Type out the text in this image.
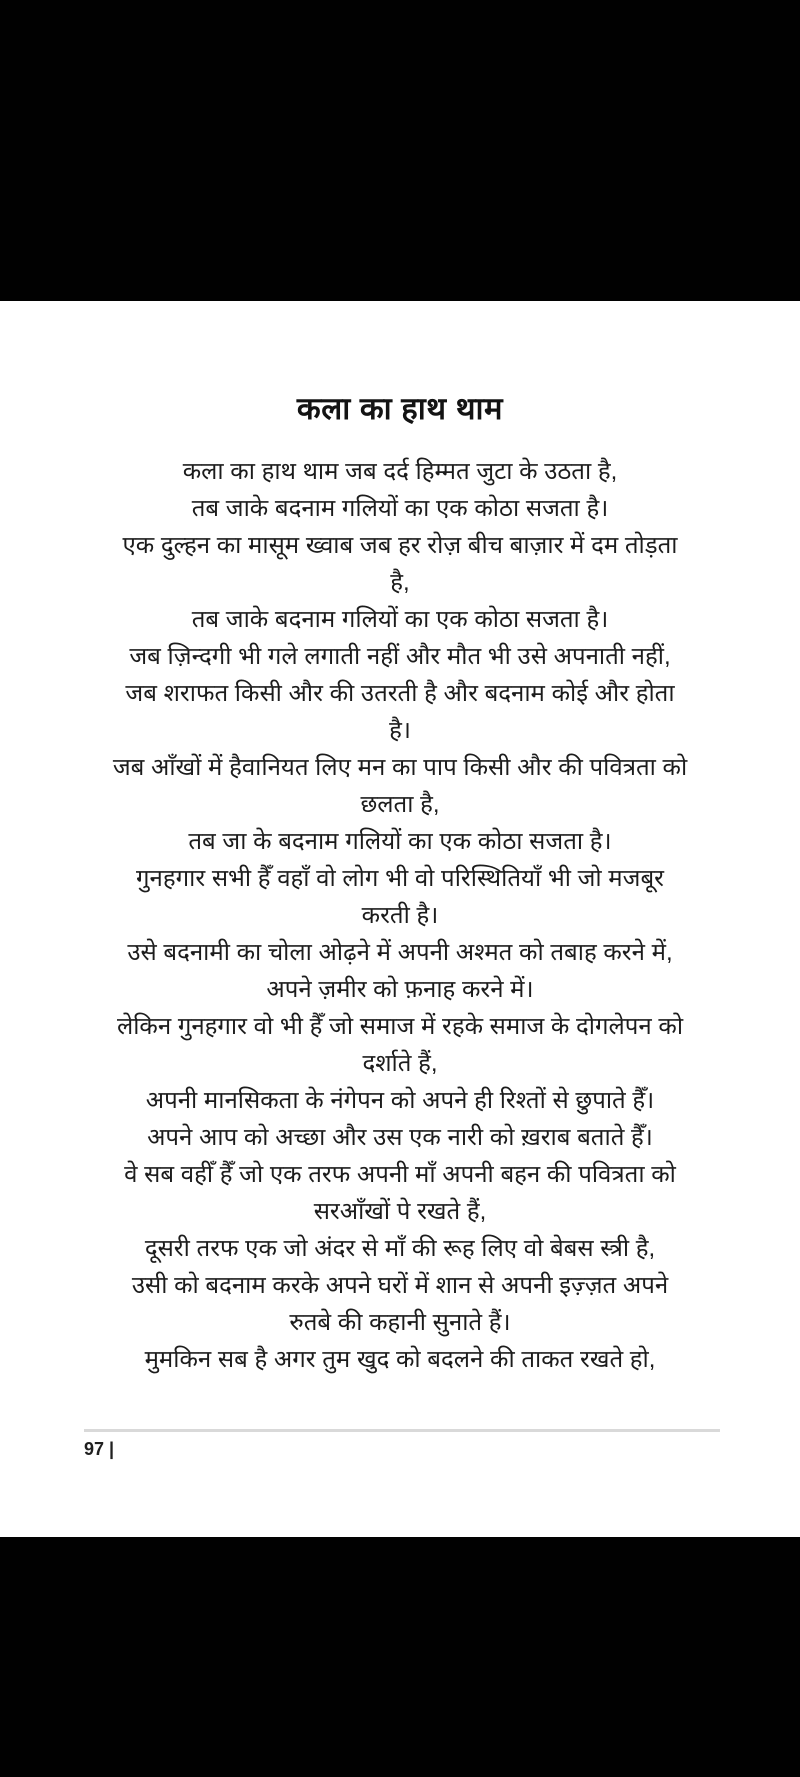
कला का हाथ थाम
कला का हाथ थाम जब दर्द हिम्मत जुटा के उठता है,
तब जाके बदनाम गलियों का एक कोठा सजता है।
एक दुल्हन का मासूम ख्वाब जब हर रोज़ बीच बाज़ार में दम तोड़ता
है,
तब जाके बदनाम गलियों का एक कोठा सजता है।
जब ज़िन्दगी भी गले लगाती नहीं और मौत भी उसे अपनाती नहीं,
जब शराफत किसी और की उतरती है और बदनाम कोई और होता
है।
जब आँखों में हैवानियत लिए मन का पाप किसी और की पवित्रता को
छलता है,
तब जा के बदनाम गलियों का एक कोठा सजता है।
गुनहगार सभी हैँ वहाँ वो लोग भी वो परिस्थितियाँ भी जो मजबूर
करती है।
उसे बदनामी का चोला ओढ़ने में अपनी अश्मत को तबाह करने में,
अपने ज़मीर को फ़नाह करने में।
लेकिन गुनहगार वो भी हैँ जो समाज में रहके समाज के दोगलेपन को
दर्शाते हैं,
अपनी मानसिकता के नंगेपन को अपने ही रिश्तों से छुपाते हैँ।
अपने आप को अच्छा और उस एक नारी को ख़राब बताते हैँ।
वे सब वहीँ हैँ जो एक तरफ अपनी माँ अपनी बहन की पवित्रता को
सरआँखों पे रखते हैं,
दूसरी तरफ एक जो अंदर से माँ की रूह लिए वो बेबस स्त्री है,
उसी को बदनाम करके अपने घरों में शान से अपनी इज़्ज़त अपने
रुतबे की कहानी सुनाते हैं।
मुमकिन सब है अगर तुम खुद को बदलने की ताकत रखते हो,
97 |
